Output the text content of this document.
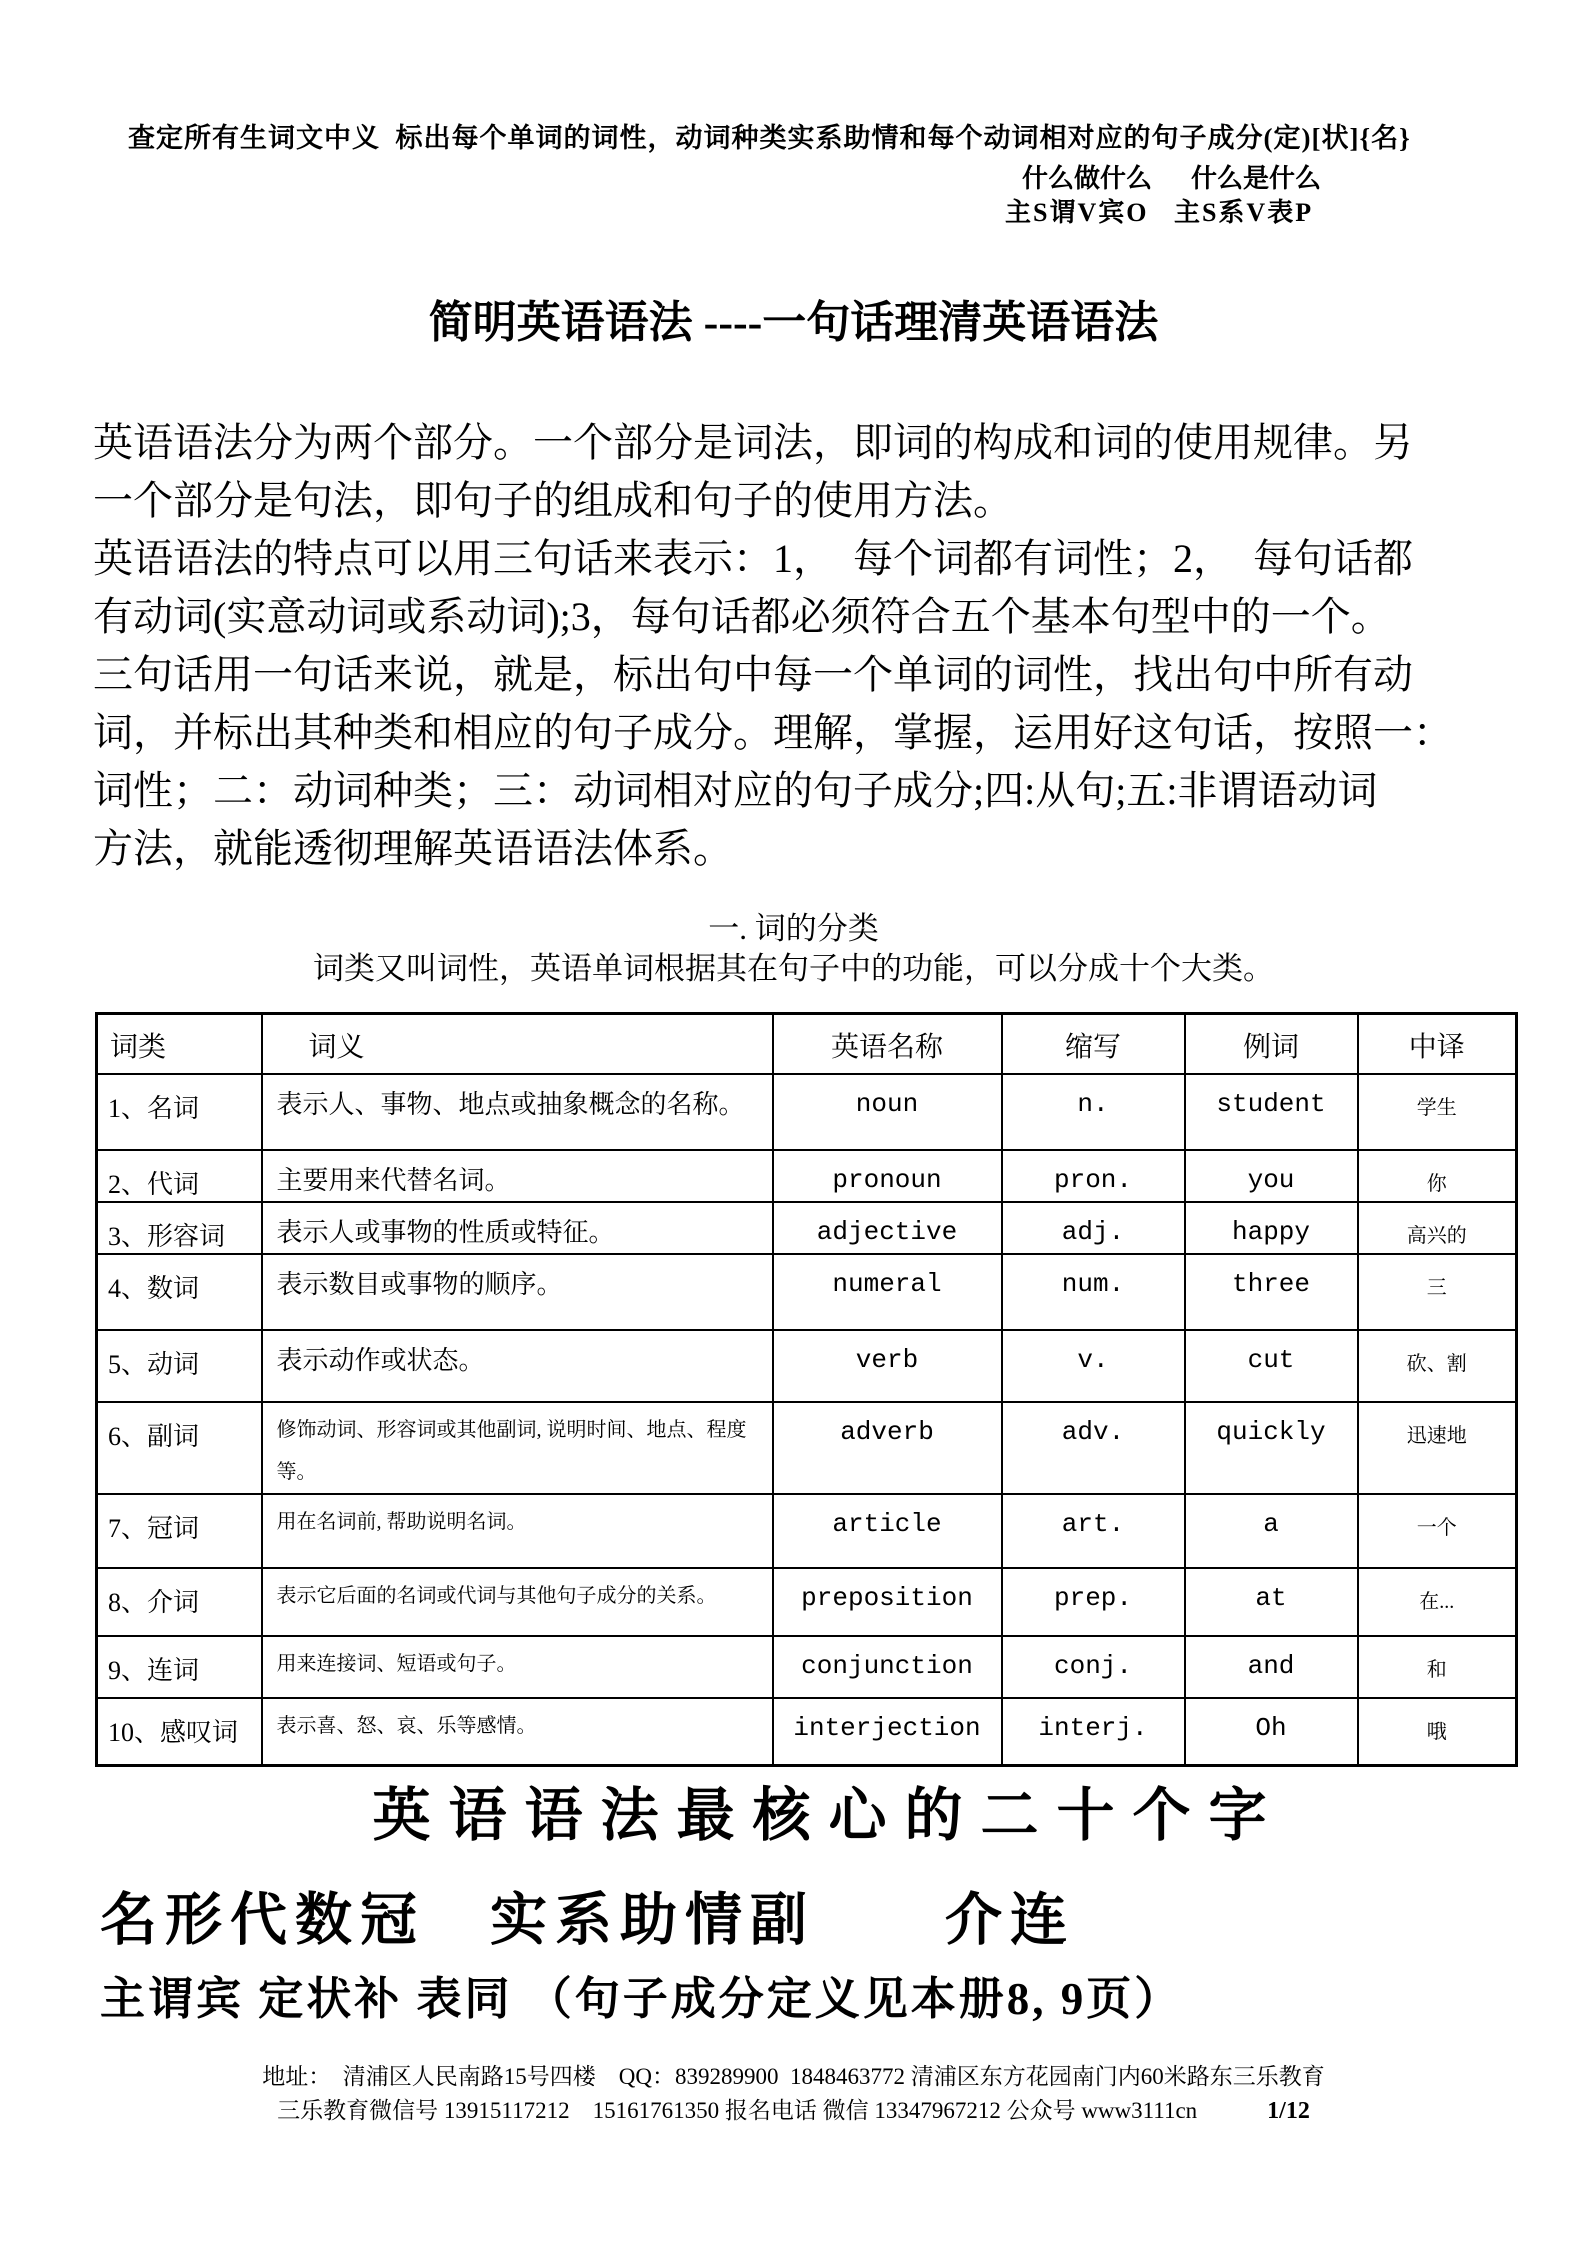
查定所有生词文中义  标出每个单词的词性，动词种类实系助情和每个动词相对应的句子成分(定)[状]{名}
什么做什么      什么是什么
主S谓V宾O   主S系V表P
简明英语语法 ----一句话理清英语语法
英语语法分为两个部分。一个部分是词法，即词的构成和词的使用规律。另
一个部分是句法，即句子的组成和句子的使用方法。
英语语法的特点可以用三句话来表示：1，  每个词都有词性；2，  每句话都
有动词(实意动词或系动词);3，每句话都必须符合五个基本句型中的一个。
三句话用一句话来说，就是，标出句中每一个单词的词性，找出句中所有动
词，并标出其种类和相应的句子成分。理解，掌握，运用好这句话，按照一：
词性；二：动词种类；三：动词相对应的句子成分;四:从句;五:非谓语动词
方法，就能透彻理解英语语法体系。
一. 词的分类
词类又叫词性，英语单词根据其在句子中的功能，可以分成十个大类。
词类	词义	英语名称	缩写	例词	中译
1、名词	表示人、事物、地点或抽象概念的名称。	noun	n.	student	学生
2、代词	主要用来代替名词。	pronoun	pron.	you	你
3、形容词	表示人或事物的性质或特征。	adjective	adj.	happy	高兴的
4、数词	表示数目或事物的顺序。	numeral	num.	three	三
5、动词	表示动作或状态。	verb	v.	cut	砍、割
6、副词	修饰动词、形容词或其他副词, 说明时间、地点、程度等。	adverb	adv.	quickly	迅速地
7、冠词	用在名词前, 帮助说明名词。	article	art.	a	一个
8、介词	表示它后面的名词或代词与其他句子成分的关系。	preposition	prep.	at	在...
9、连词	用来连接词、短语或句子。	conjunction	conj.	and	和
10、感叹词	表示喜、怒、哀、乐等感情。	interjection	interj.	Oh	哦
英语语法最核心的二十个字
名形代数冠　实系助情副　　介连
主谓宾 定状补 表同 （句子成分定义见本册8, 9页）
地址：  清浦区人民南路15号四楼    QQ：839289900  1848463772 清浦区东方花园南门内60米路东三乐教育
三乐教育微信号 13915117212    15161761350 报名电话 微信 13347967212 公众号 www3111cn	1/12
